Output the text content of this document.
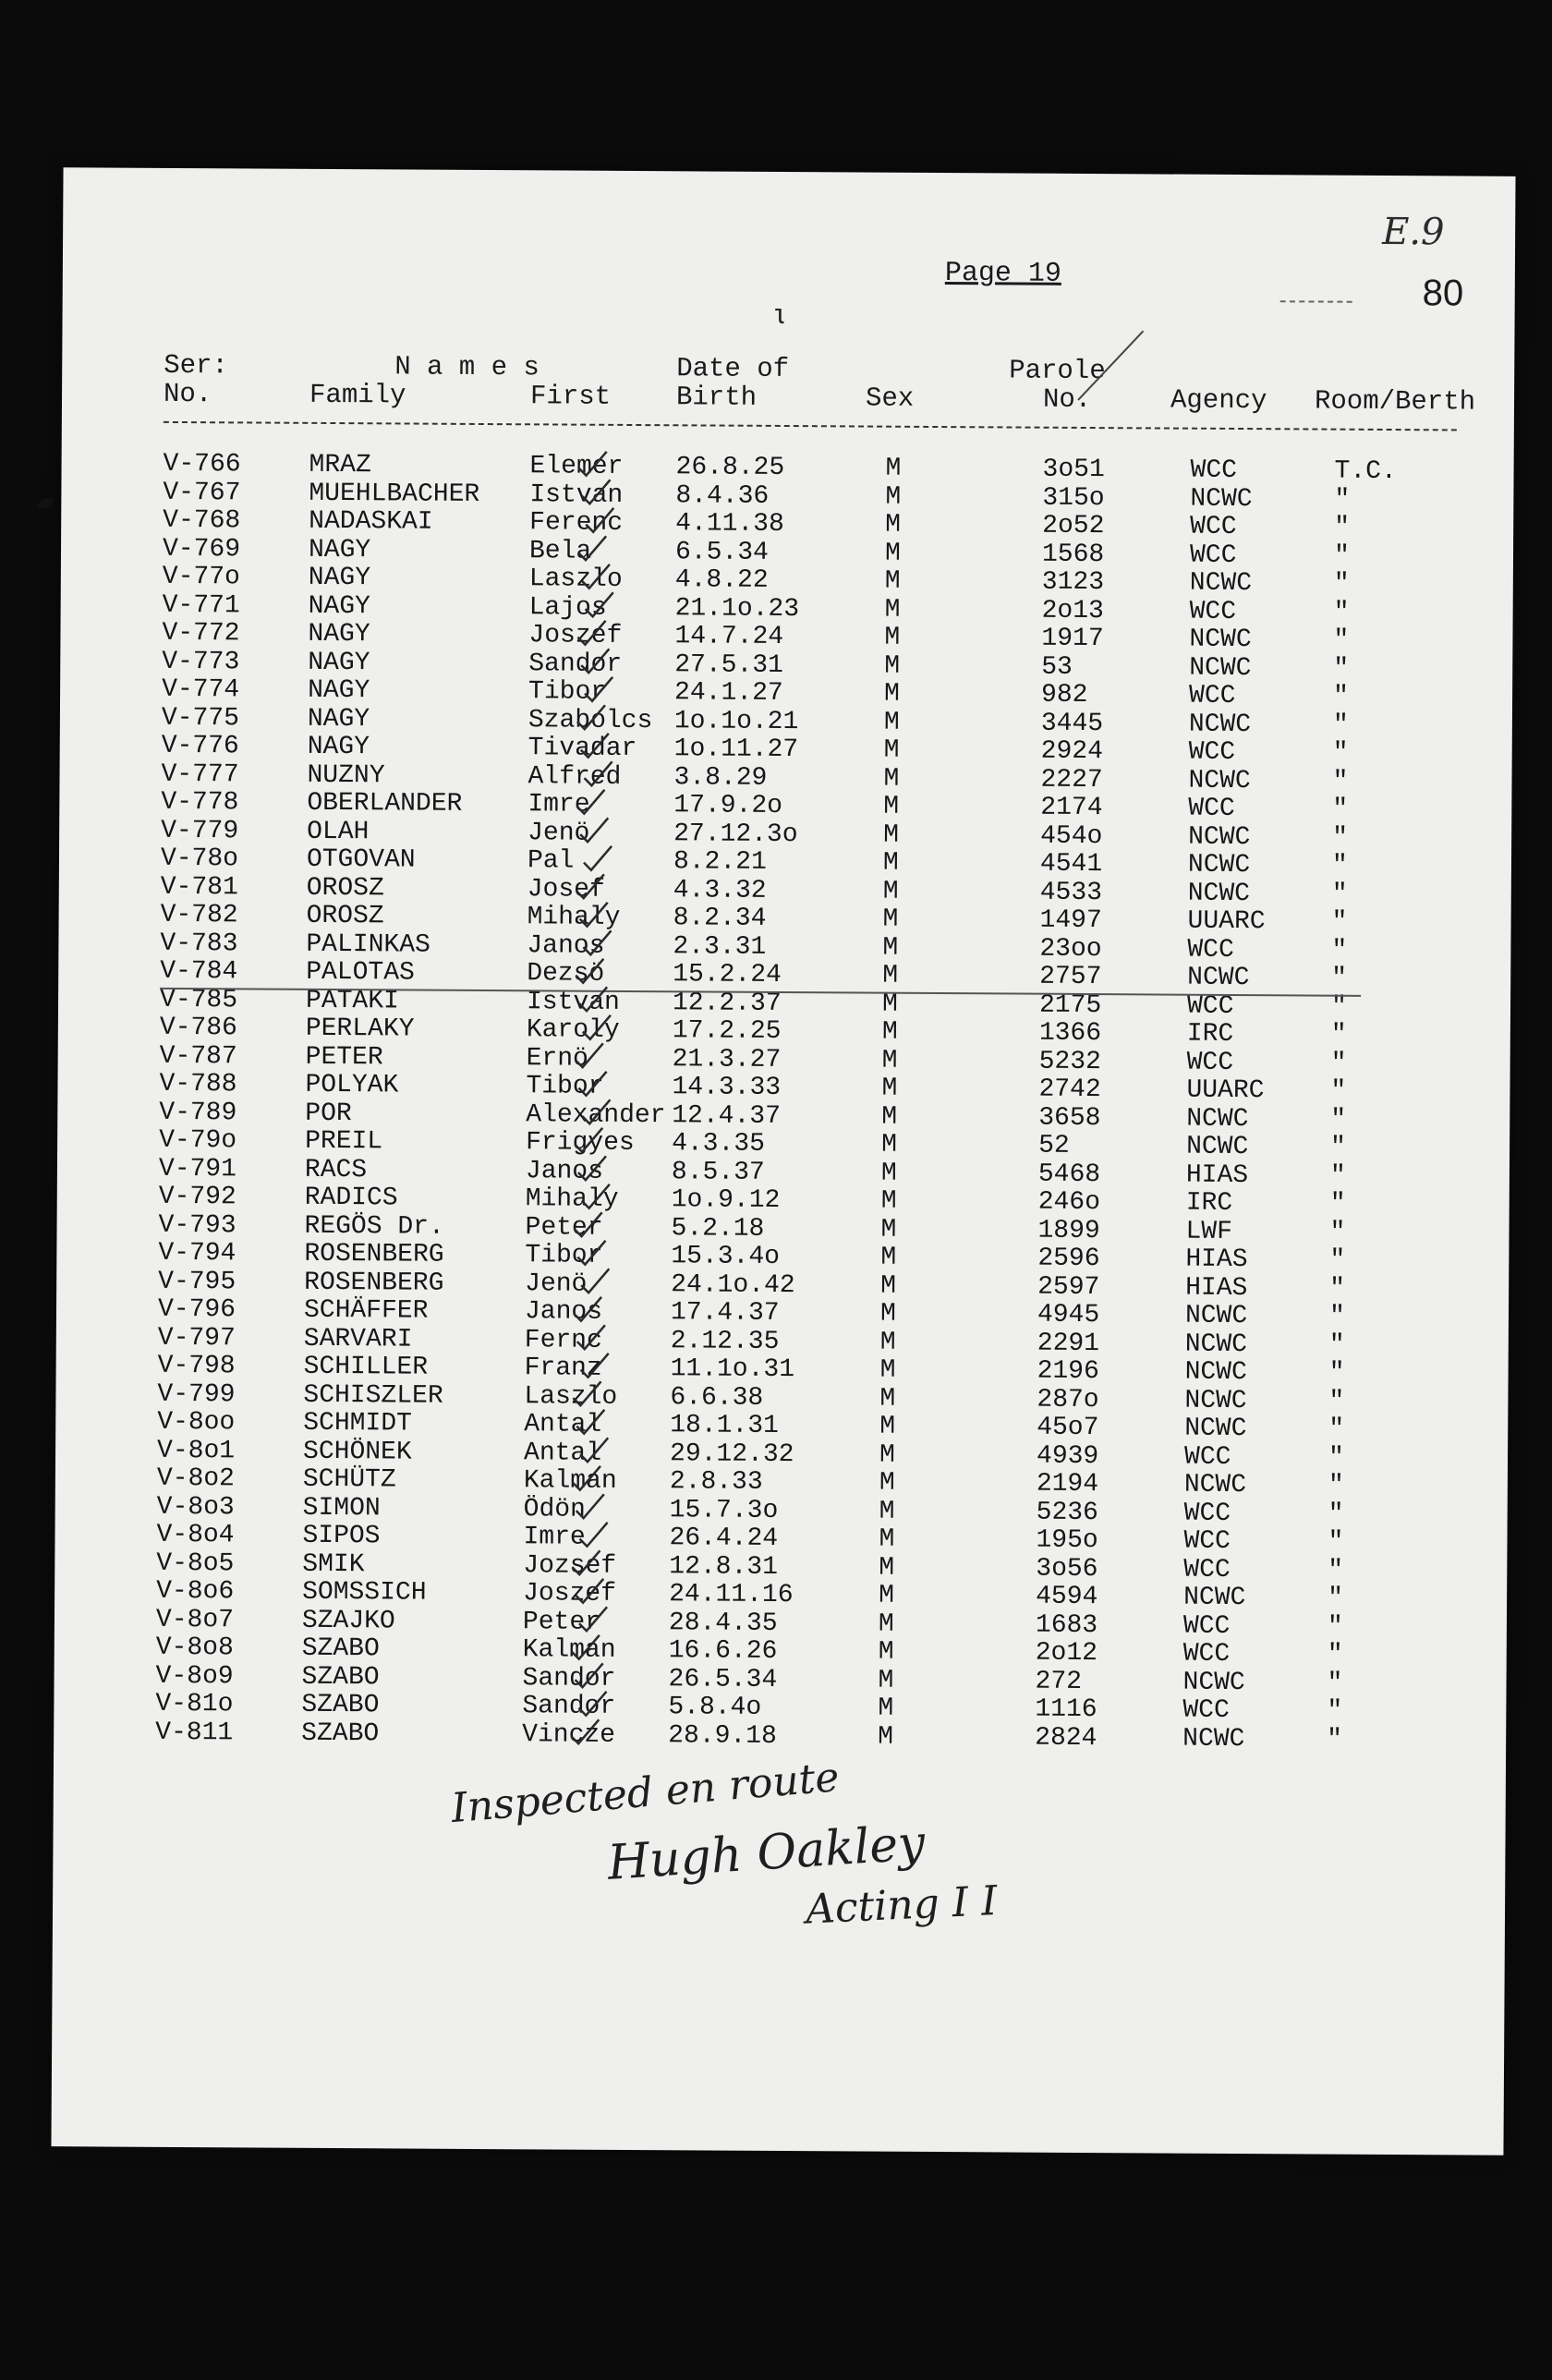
E.9
80
Page 19
ɩ
Ser:
No.
N a m e s
Family	First
Date of
Birth	Sex
Parole
No.	Agency Room/Berth
V-766	MRAZ	Elemer 26.8.25	M	3o51	WCC	T.C.
V-767	MUEHLBACHER Istvan 8.4.36	M	315o	NCWC	"
V-768	NADASKAI	Ferenc 4.11.38	M	2o52	WCC	"
V-769	NAGY	Bela	6.5.34	M	1568	WCC	"
V-77o	NAGY	Laszlo 4.8.22	M	3123	NCWC	"
V-771	NAGY	Lajos	21.1o.23	M	2o13	WCC	"
V-772	NAGY	Joszef 14.7.24	M	1917	NCWC	"
V-773	NAGY	Sandor 27.5.31	M	53	NCWC	"
V-774	NAGY	Tibor	24.1.27	M	982	WCC	"
V-775	NAGY	Szabolcs 1o.1o.21	M	3445	NCWC	"
V-776	NAGY	Tivadar 1o.11.27	M	2924	WCC	"
V-777	NUZNY	Alfred 3.8.29	M	2227	NCWC	"
V-778	OBERLANDER	Imre	17.9.2o	M	2174	WCC	"
V-779	OLAH	Jenö	27.12.3o	M	454o	NCWC	"
V-78o	OTGOVAN	Pal	8.2.21	M	4541	NCWC	"
V-781	OROSZ	Josef	4.3.32	M	4533	NCWC	"
V-782	OROSZ	Mihaly 8.2.34	M	1497	UUARC	"
V-783	PALINKAS	Janos	2.3.31	M	23oo	WCC	"
V-784	PALOTAS	Dezsö	15.2.24	M	2757	NCWC	"
V-785	PATAKI	Istvan 12.2.37	M	2175	WCC	"
V-786	PERLAKY	Karoly 17.2.25	M	1366	IRC	"
V-787	PETER	Ernö	21.3.27	M	5232	WCC	"
V-788	POLYAK	Tibor	14.3.33	M	2742	UUARC	"
V-789	POR	Alexander 12.4.37	M	3658	NCWC	"
V-79o	PREIL	Frigyes 4.3.35	M	52	NCWC	"
V-791	RACS	Janos	8.5.37	M	5468	HIAS	"
V-792	RADICS	Mihaly 1o.9.12	M	246o	IRC	"
V-793	REGÖS Dr.	Peter	5.2.18	M	1899	LWF	"
V-794	ROSENBERG	Tibor	15.3.4o	M	2596	HIAS	"
V-795	ROSENBERG	Jenö	24.1o.42	M	2597	HIAS	"
V-796	SCHÄFFER	Janos	17.4.37	M	4945	NCWC	"
V-797	SARVARI	Fernc	2.12.35	M	2291	NCWC	"
V-798	SCHILLER	Franz	11.1o.31	M	2196	NCWC	"
V-799	SCHISZLER	Laszlo 6.6.38	M	287o	NCWC	"
V-8oo	SCHMIDT	Antal	18.1.31	M	45o7	NCWC	"
V-8o1	SCHÖNEK	Antal	29.12.32	M	4939	WCC	"
V-8o2	SCHÜTZ	Kalman 2.8.33	M	2194	NCWC	"
V-8o3	SIMON	Ödön	15.7.3o	M	5236	WCC	"
V-8o4	SIPOS	Imre	26.4.24	M	195o	WCC	"
V-8o5	SMIK	Jozsef 12.8.31	M	3o56	WCC	"
V-8o6	SOMSSICH	Joszef 24.11.16	M	4594	NCWC	"
V-8o7	SZAJKO	Peter	28.4.35	M	1683	WCC	"
V-8o8	SZABO	Kalman 16.6.26	M	2o12	WCC	"
V-8o9	SZABO	Sandor 26.5.34	M	272	NCWC	"
V-81o	SZABO	Sandor 5.8.4o	M	1116	WCC	"
V-811	SZABO	Vincze 28.9.18	M	2824	NCWC	"
Inspected en route
Hugh Oakley
Acting I I
